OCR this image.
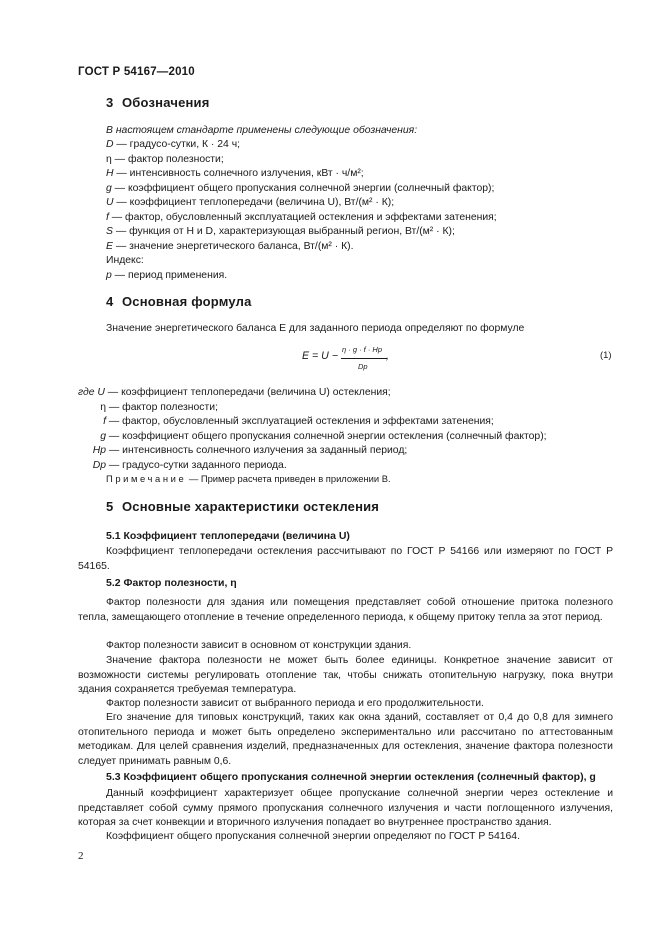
ГОСТ Р 54167—2010
3 Обозначения
В настоящем стандарте применены следующие обозначения:
D — градусо-сутки, К · 24 ч;
η — фактор полезности;
H — интенсивность солнечного излучения, кВт · ч/м²;
g — коэффициент общего пропускания солнечной энергии (солнечный фактор);
U — коэффициент теплопередачи (величина U), Вт/(м² · К);
f — фактор, обусловленный эксплуатацией остекления и эффектами затенения;
S — функция от H и D, характеризующая выбранный регион, Вт/(м² · К);
E — значение энергетического баланса, Вт/(м² · К).
Индекс:
p — период применения.
4 Основная формула
Значение энергетического баланса E для заданного периода определяют по формуле
E = U −
η · g · f · Hp
Dp
,	(1)
где U — коэффициент теплопередачи (величина U) остекления;
η — фактор полезности;
f — фактор, обусловленный эксплуатацией остекления и эффектами затенения;
g — коэффициент общего пропускания солнечной энергии остекления (солнечный фактор);
Hp — интенсивность солнечного излучения за заданный период;
Dp — градусо-сутки заданного периода.
Примечание — Пример расчета приведен в приложении В.
5 Основные характеристики остекления
5.1 Коэффициент теплопередачи (величина U)
Коэффициент теплопередачи остекления рассчитывают по ГОСТ Р 54166 или измеряют по ГОСТ Р 54165.
5.2 Фактор полезности, η
Фактор полезности для здания или помещения представляет собой отношение притока полезного тепла, замещающего отопление в течение определенного периода, к общему притоку тепла за этот период.
Фактор полезности зависит в основном от конструкции здания.
Значение фактора полезности не может быть более единицы. Конкретное значение зависит от возможности системы регулировать отопление так, чтобы снижать отопительную нагрузку, пока внутри здания сохраняется требуемая температура.
Фактор полезности зависит от выбранного периода и его продолжительности.
Его значение для типовых конструкций, таких как окна зданий, составляет от 0,4 до 0,8 для зимнего отопительного периода и может быть определено экспериментально или рассчитано по аттестованным методикам. Для целей сравнения изделий, предназначенных для остекления, значение фактора полезности следует принимать равным 0,6.
5.3 Коэффициент общего пропускания солнечной энергии остекления (солнечный фактор), g
Данный коэффициент характеризует общее пропускание солнечной энергии через остекление и представляет собой сумму прямого пропускания солнечного излучения и части поглощенного излучения, которая за счет конвекции и вторичного излучения попадает во внутреннее пространство здания.
Коэффициент общего пропускания солнечной энергии определяют по ГОСТ Р 54164.
2
